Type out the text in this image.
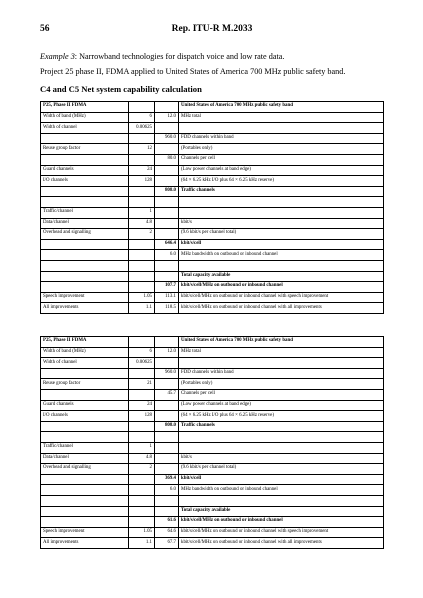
56	Rep. ITU-R M.2033
Example 3: Narrowband technologies for dispatch voice and low rate data.
Project 25 phase II, FDMA applied to United States of America 700 MHz public safety band.
C4 and C5 Net system capability calculation
P25, Phase II FDMA			United States of America 700 MHz public safety band
Width of band (MHz)	6	12.0	MHz total
Width of channel	0.00625		
		960.0	FDD channels within band
Reuse group factor	12		(Portables only)
		80.0	Channels per cell
Guard channels	24		(Low power channels at band edge)
I/O channels	128		(64 × 6.25 kHz I/O plus 64 × 6.25 kHz reserve)
		808.0	Traffic channels

Traffic/channel	1		
Data/channel	4.8		kbit/s
Overhead and signalling	2		(9.6 kbit/s per channel total)
		646.4	kbit/s/cell
		6.0	MHz bandwidth on outbound or inbound channel

			Total capacity available
		107.7	kbit/s/cell/MHz on outbound or inbound channel
Speech improvement	1.05	113.1	kbit/s/cell/MHz on outbound or inbound channel with speech improvement
All improvements	1.1	118.5	kbit/s/cell/MHz on outbound or inbound channel with all improvements
P25, Phase II FDMA			United States of America 700 MHz public safety band
Width of band (MHz)	6	12.0	MHz total
Width of channel	0.00625		
		960.0	FDD channels within band
Reuse group factor	21		(Portables only)
		45.7	Channels per cell
Guard channels	24		(Low power channels at band edge)
I/O channels	128		(64 × 6.25 kHz I/O plus 64 × 6.25 kHz reserve)
		808.0	Traffic channels

Traffic/channel	1		
Data/channel	4.8		kbit/s
Overhead and signalling	2		(9.6 kbit/s per channel total)
		369.4	kbit/s/cell
		6.0	MHz bandwidth on outbound or inbound channel

			Total capacity available
		61.6	kbit/s/cell/MHz on outbound or inbound channel
Speech improvement	1.05	64.6	kbit/s/cell/MHz on outbound or inbound channel with speech improvement
All improvements	1.1	67.7	kbit/s/cell/MHz on outbound or inbound channel with all improvements
